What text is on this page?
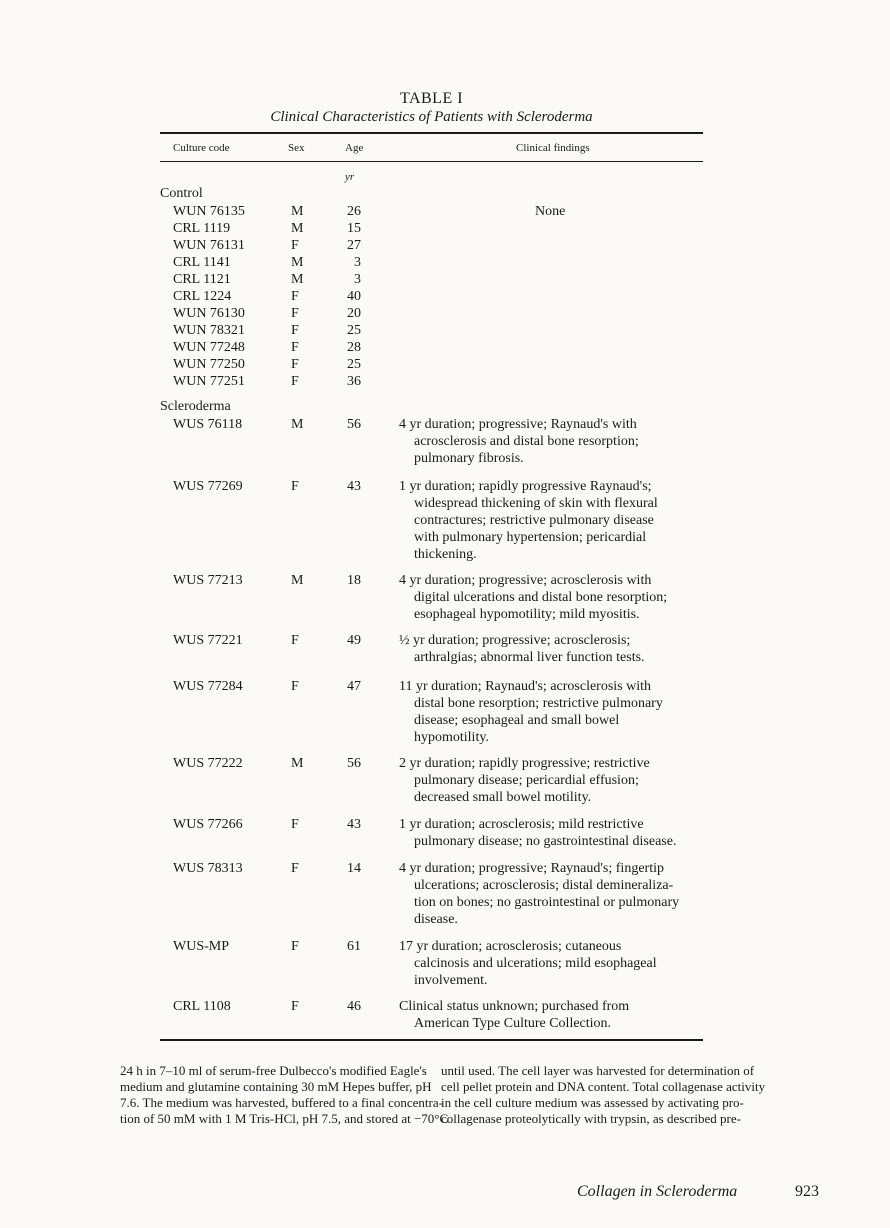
TABLE I
Clinical Characteristics of Patients with Scleroderma
Culture code	Sex	Age	Clinical findings
yr
Control
WUN 76135	M	26	None
CRL 1119	M	15
WUN 76131	F	27
CRL 1141	M	3
CRL 1121	M	3
CRL 1224	F	40
WUN 76130	F	20
WUN 78321	F	25
WUN 77248	F	28
WUN 77250	F	25
WUN 77251	F	36
Scleroderma
WUS 76118	M	56	4 yr duration; progressive; Raynaud's with
acrosclerosis and distal bone resorption;
pulmonary fibrosis.
WUS 77269	F	43	1 yr duration; rapidly progressive Raynaud's;
widespread thickening of skin with flexural
contractures; restrictive pulmonary disease
with pulmonary hypertension; pericardial
thickening.
WUS 77213	M	18	4 yr duration; progressive; acrosclerosis with
digital ulcerations and distal bone resorption;
esophageal hypomotility; mild myositis.
WUS 77221	F	49	½ yr duration; progressive; acrosclerosis;
arthralgias; abnormal liver function tests.
WUS 77284	F	47	11 yr duration; Raynaud's; acrosclerosis with
distal bone resorption; restrictive pulmonary
disease; esophageal and small bowel
hypomotility.
WUS 77222	M	56	2 yr duration; rapidly progressive; restrictive
pulmonary disease; pericardial effusion;
decreased small bowel motility.
WUS 77266	F	43	1 yr duration; acrosclerosis; mild restrictive
pulmonary disease; no gastrointestinal disease.
WUS 78313	F	14	4 yr duration; progressive; Raynaud's; fingertip
ulcerations; acrosclerosis; distal demineraliza-
tion on bones; no gastrointestinal or pulmonary
disease.
WUS-MP	F	61	17 yr duration; acrosclerosis; cutaneous
calcinosis and ulcerations; mild esophageal
involvement.
CRL 1108	F	46	Clinical status unknown; purchased from
American Type Culture Collection.
24 h in 7–10 ml of serum-free Dulbecco's modified Eagle's
medium and glutamine containing 30 mM Hepes buffer, pH
7.6. The medium was harvested, buffered to a final concentra-
tion of 50 mM with 1 M Tris-HCl, pH 7.5, and stored at −70°C
until used. The cell layer was harvested for determination of
cell pellet protein and DNA content. Total collagenase activity
in the cell culture medium was assessed by activating pro-
collagenase proteolytically with trypsin, as described pre-
Collagen in Scleroderma	923
